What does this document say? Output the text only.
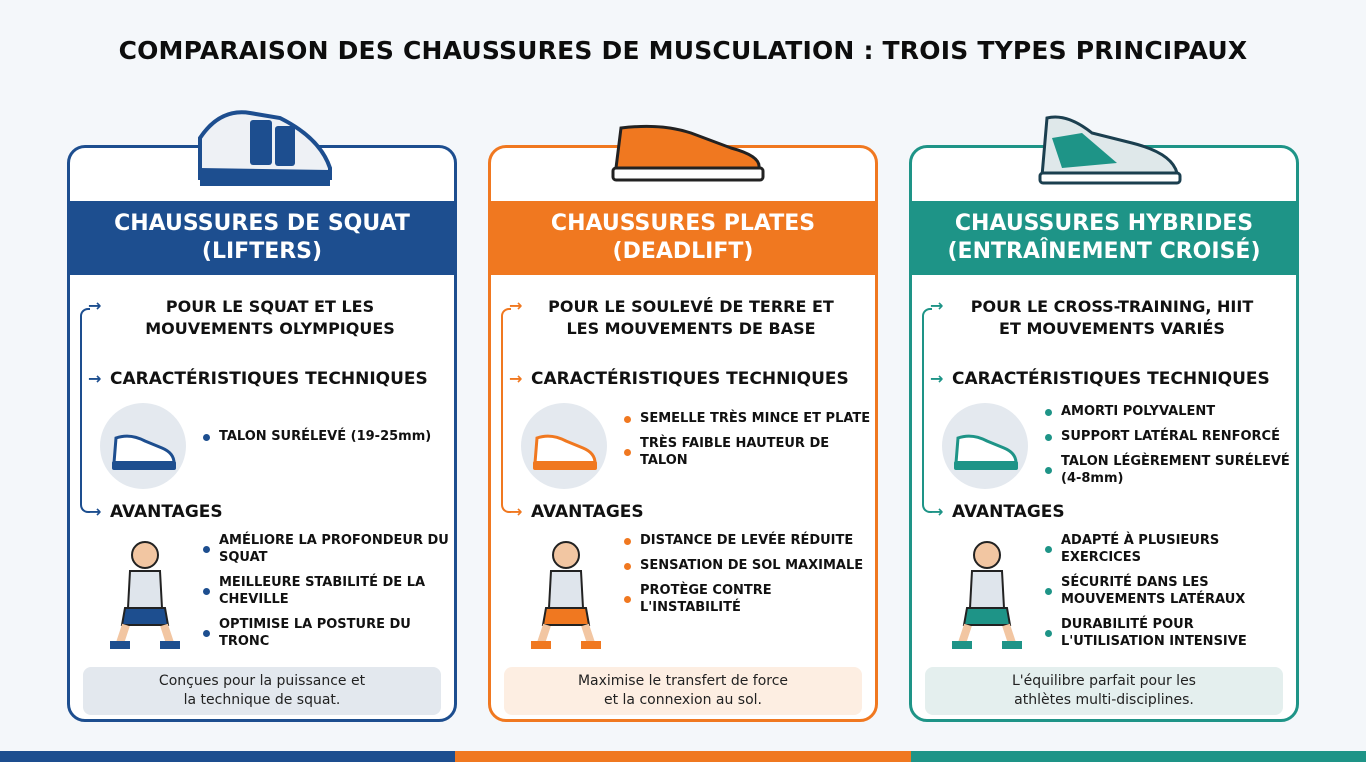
COMPARAISON DES CHAUSSURES DE MUSCULATION : TROIS TYPES PRINCIPAUX
CHAUSSURES DE SQUAT
(LIFTERS)
→
→
→
POUR LE SQUAT ET LES
MOUVEMENTS OLYMPIQUES
CARACTÉRISTIQUES TECHNIQUES
TALON SURÉLEVÉ (19-25mm)
AVANTAGES
AMÉLIORE LA PROFONDEUR DU SQUAT
MEILLEURE STABILITÉ DE LA CHEVILLE
OPTIMISE LA POSTURE DU TRONC
Conçues pour la puissance et
la technique de squat.
CHAUSSURES PLATES
(DEADLIFT)
→
→
→
POUR LE SOULEVÉ DE TERRE ET
LES MOUVEMENTS DE BASE
CARACTÉRISTIQUES TECHNIQUES
SEMELLE TRÈS MINCE ET PLATE
TRÈS FAIBLE HAUTEUR DE TALON
AVANTAGES
DISTANCE DE LEVÉE RÉDUITE
SENSATION DE SOL MAXIMALE
PROTÈGE CONTRE L'INSTABILITÉ
Maximise le transfert de force
et la connexion au sol.
CHAUSSURES HYBRIDES
(ENTRAÎNEMENT CROISÉ)
→
→
→
POUR LE CROSS-TRAINING, HIIT
ET MOUVEMENTS VARIÉS
CARACTÉRISTIQUES TECHNIQUES
AMORTI POLYVALENT
SUPPORT LATÉRAL RENFORCÉ
TALON LÉGÈREMENT SURÉLEVÉ (4-8mm)
AVANTAGES
ADAPTÉ À PLUSIEURS EXERCICES
SÉCURITÉ DANS LES MOUVEMENTS LATÉRAUX
DURABILITÉ POUR L'UTILISATION INTENSIVE
L'équilibre parfait pour les
athlètes multi-disciplines.
